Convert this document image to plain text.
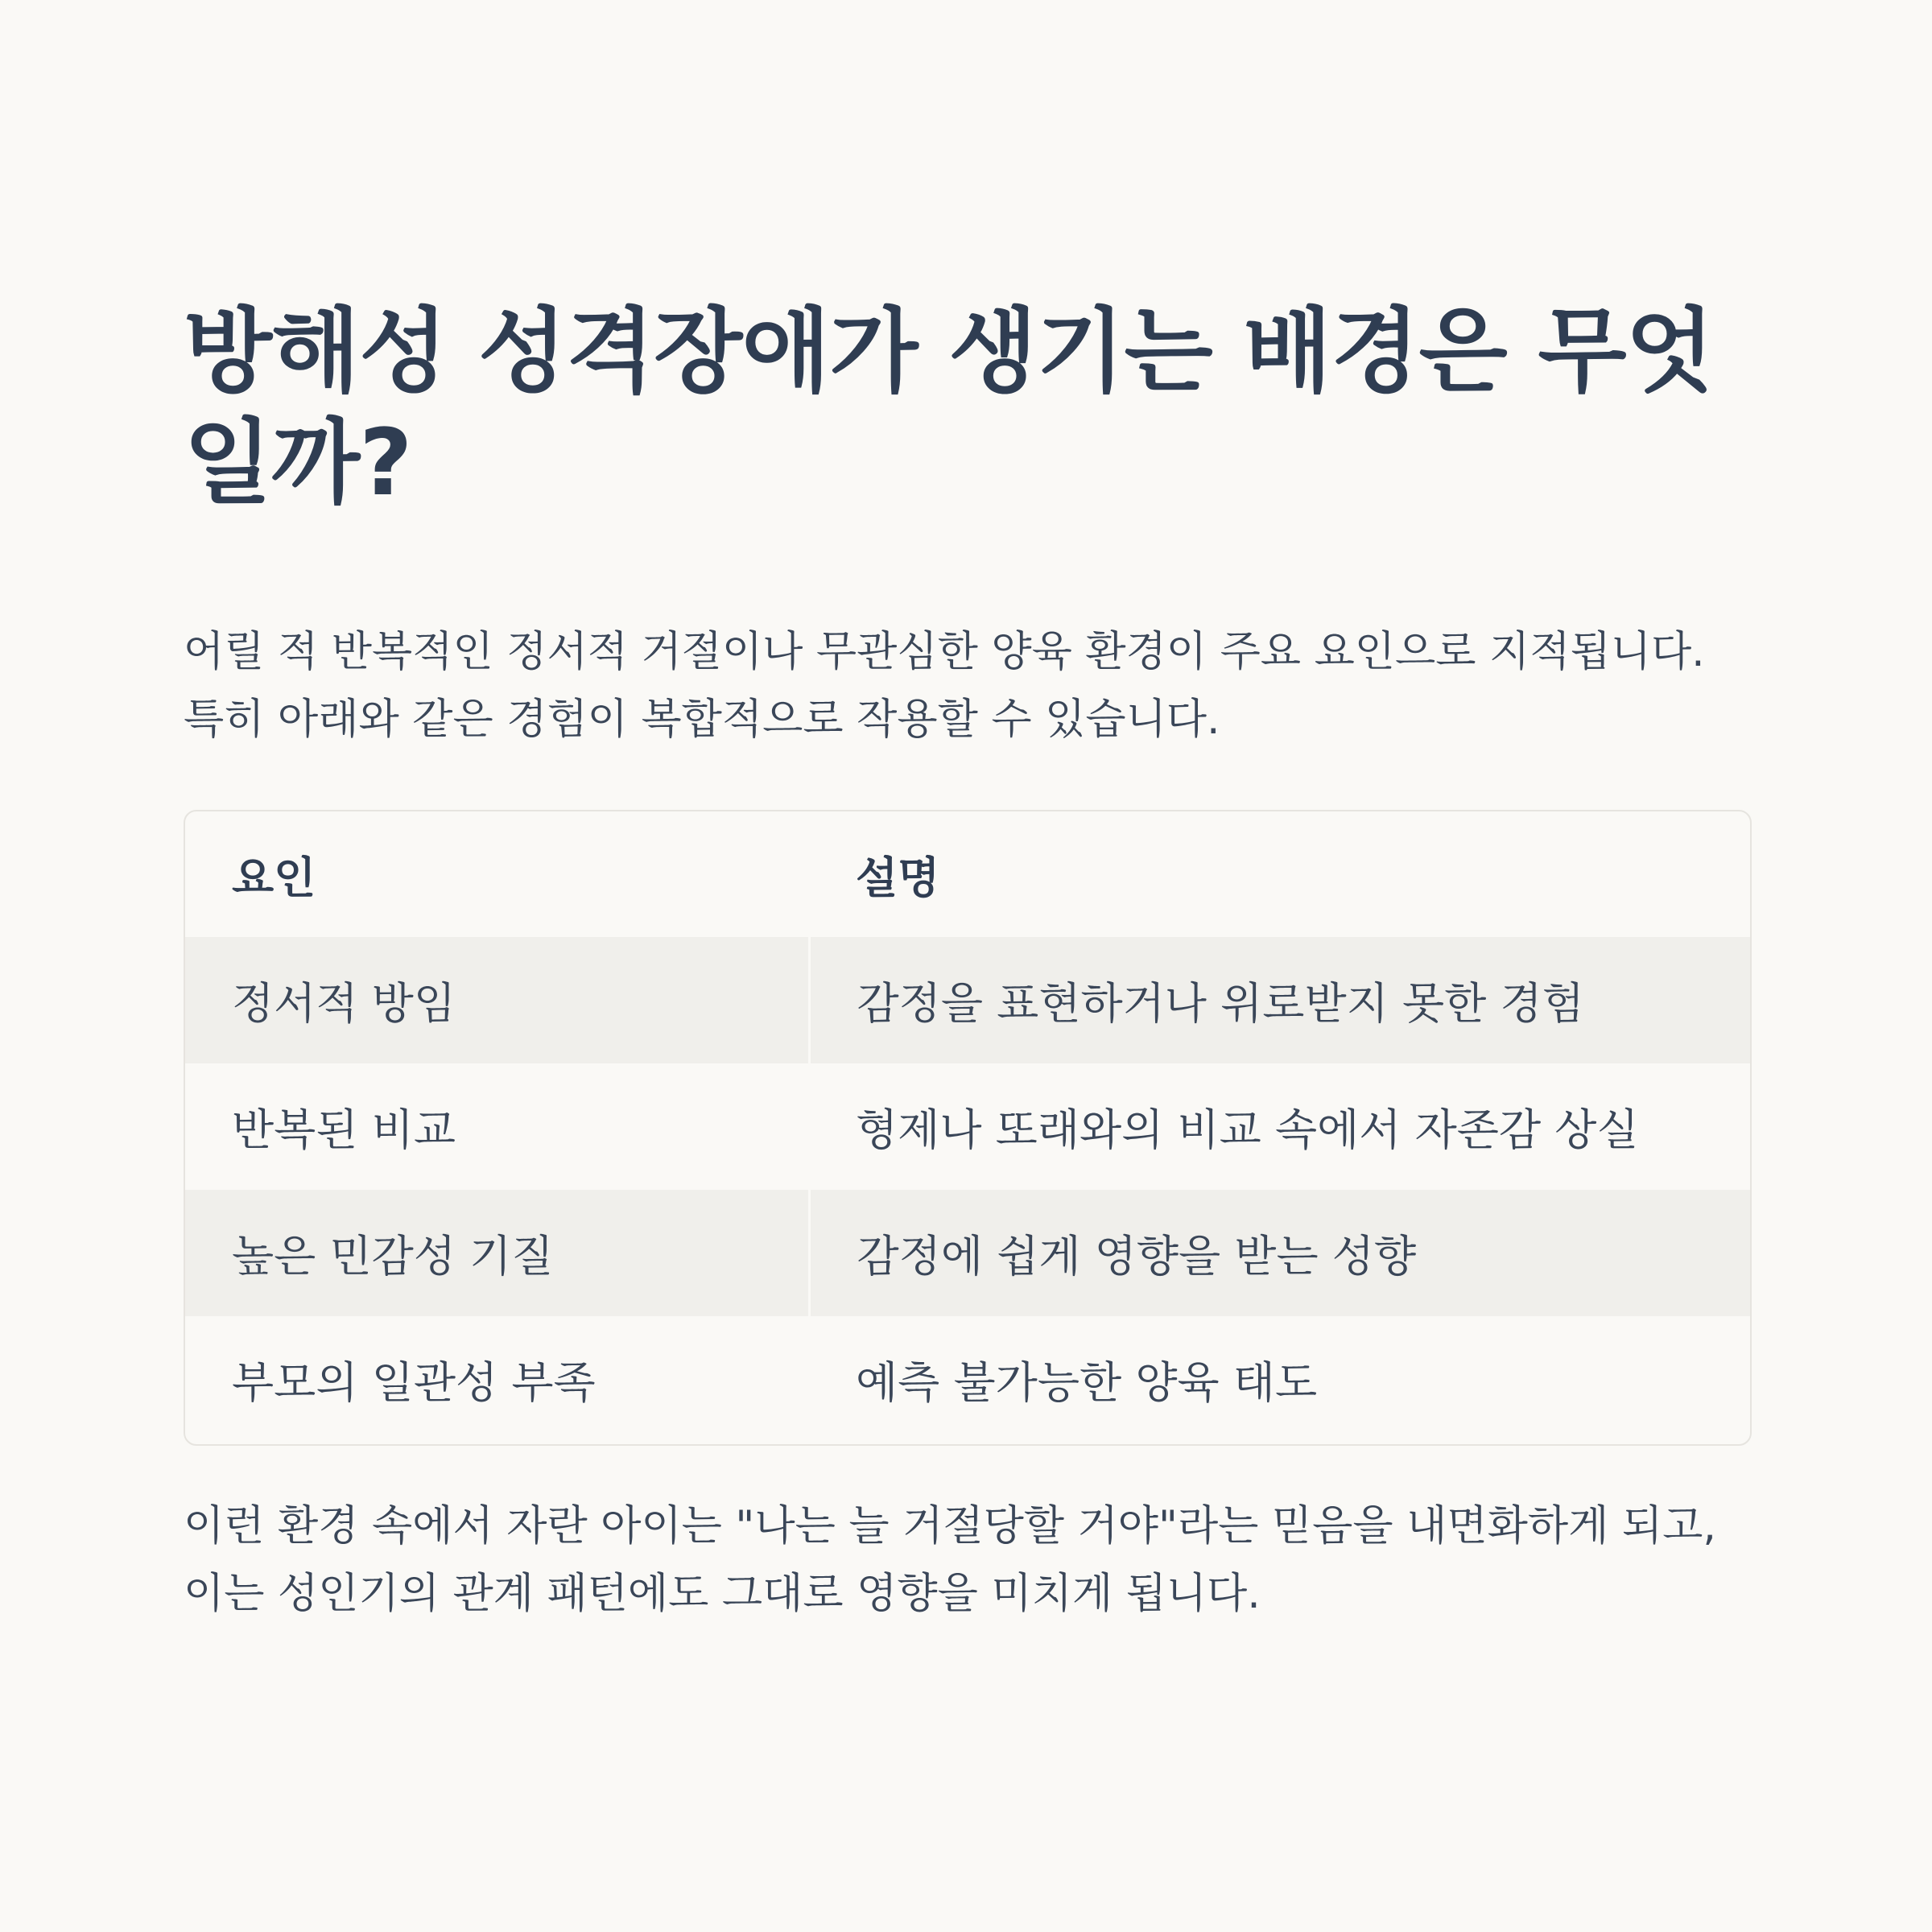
방해성 성격장애가 생기는 배경은 무엇일까?

어릴 적 반복적인 정서적 거절이나 무관심한 양육 환경이 주요 요인으로 지적됩니다.
특히 아래와 같은 경험이 복합적으로 작용할 수 있습니다.

요인	설명
정서적 방임	감정을 표현하거나 위로받지 못한 경험
반복된 비교	형제나 또래와의 비교 속에서 자존감 상실
높은 민감성 기질	감정에 쉽게 영향을 받는 성향
부모의 일관성 부족	예측 불가능한 양육 태도

이런 환경 속에서 자란 아이는 "나는 늘 거절당할 거야"라는 믿음을 내면화하게 되고,
이는 성인기의 관계 패턴에도 그대로 영향을 미치게 됩니다.
